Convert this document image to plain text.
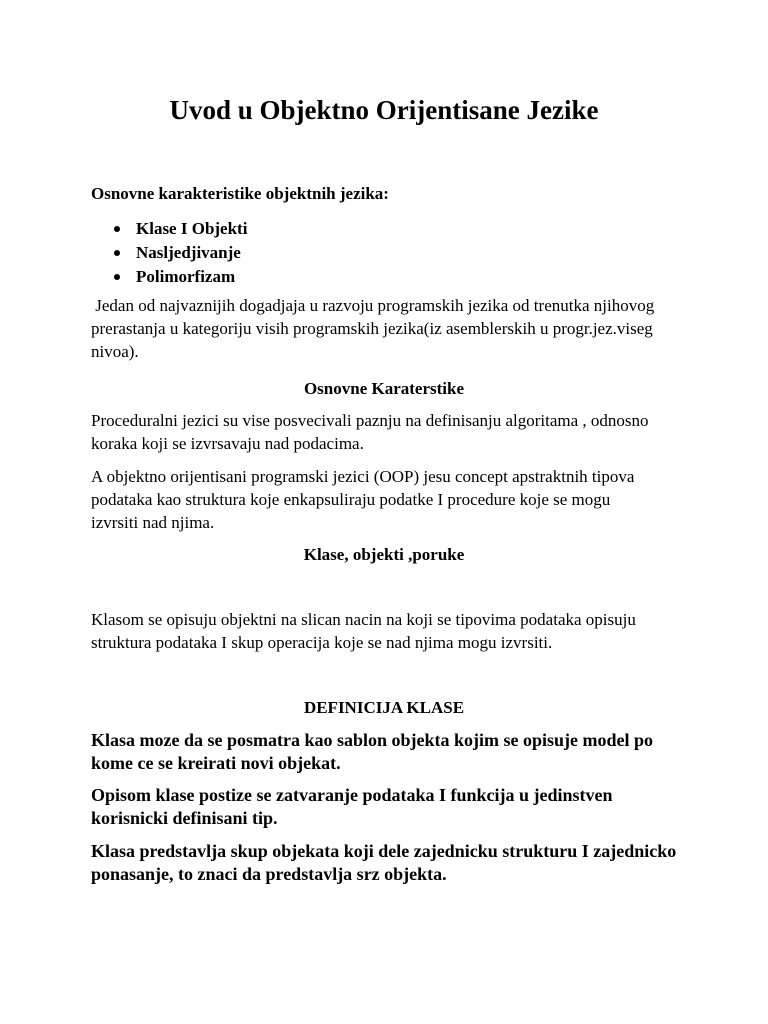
Uvod u Objektno Orijentisane Jezike
Osnovne karakteristike objektnih jezika:
Klase I Objekti
Nasljedjivanje
Polimorfizam
Jedan od najvaznijih dogadjaja u razvoju programskih jezika od trenutka njihovog
prerastanja u kategoriju visih programskih jezika(iz asemblerskih u progr.jez.viseg
nivoa).
Osnovne Karaterstike
Proceduralni jezici su vise posvecivali paznju na definisanju algoritama , odnosno
koraka koji se izvrsavaju nad podacima.
A objektno orijentisani programski jezici (OOP) jesu concept apstraktnih tipova
podataka kao struktura koje enkapsuliraju podatke I procedure koje se mogu
izvrsiti nad njima.
Klase, objekti ,poruke
Klasom se opisuju objektni na slican nacin na koji se tipovima podataka opisuju
struktura podataka I skup operacija koje se nad njima mogu izvrsiti.
DEFINICIJA KLASE
Klasa moze da se posmatra kao sablon objekta kojim se opisuje model po
kome ce se kreirati novi objekat.
Opisom klase postize se zatvaranje podataka I funkcija u jedinstven
korisnicki definisani tip.
Klasa predstavlja skup objekata koji dele zajednicku strukturu I zajednicko
ponasanje, to znaci da predstavlja srz objekta.
